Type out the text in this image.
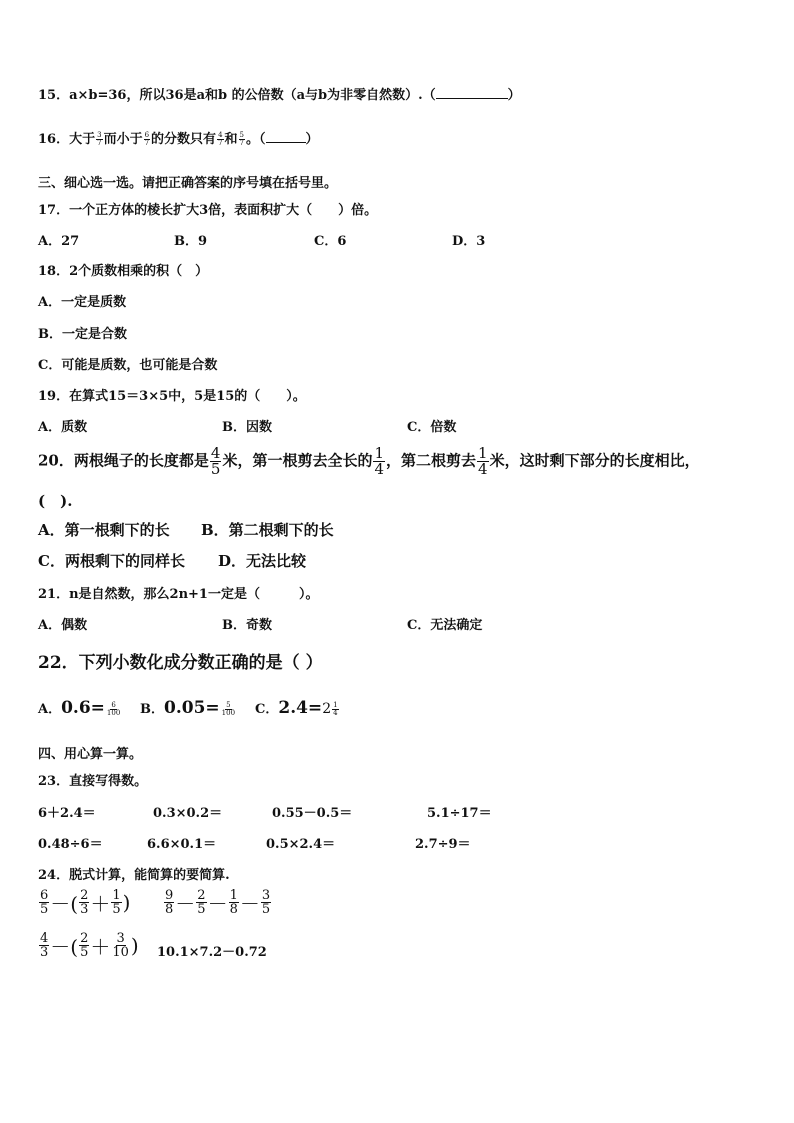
15．a×b=36，所以36是a和b 的公倍数（a与b为非零自然数）.（	）
16．大于 $\frac{3}{7}$ 而小于 $\frac{6}{7}$ 的分数只有 $\frac{4}{7}$ 和 $\frac{5}{7}$ 。（	）
三、细心选一选。请把正确答案的序号填在括号里。
17．一个正方体的棱长扩大3倍，表面积扩大（　　）倍。
A．27	B．9	C．6	D．3
18．2个质数相乘的积（　）
A．一定是质数
B．一定是合数
C．可能是质数，也可能是合数
19．在算式15＝3×5中，5是15的（　　）。
A．质数	B．因数	C．倍数
20．两根绳子的长度都是 $\frac{4}{5}$ 米，第一根剪去全长的 $\frac{1}{4}$ ，第二根剪去 $\frac{1}{4}$ 米，这时剩下部分的长度相比，
(　).
A．第一根剩下的长 B．第二根剩下的长
C．两根剩下的同样长 D．无法比较
21．n是自然数，那么2n+1一定是（　　　）。
A．偶数	B．奇数	C．无法确定
22．下列小数化成分数正确的是（ ）
A．$0.6= \frac{6}{100}$ B．$0.05= \frac{5}{100}$ C．$2.4=2 \frac{1}{4}$
四、用心算一算。
23．直接写得数。
6＋2.4＝	0.3×0.2＝	0.55－0.5＝	5.1÷17＝
0.48÷6＝	6.6×0.1＝	0.5×2.4＝	2.7÷9＝
24．脱式计算，能简算的要简算.
$\frac{6}{5}$ －( $\frac{2}{3} + \frac{1}{5}$ )	$\frac{9}{8} - \frac{2}{5} - \frac{1}{8} - \frac{3}{5}$
$\frac{4}{3}$ －( $\frac{2}{5} + \frac{3}{10}$ ) 10.1×7.2－0.72
